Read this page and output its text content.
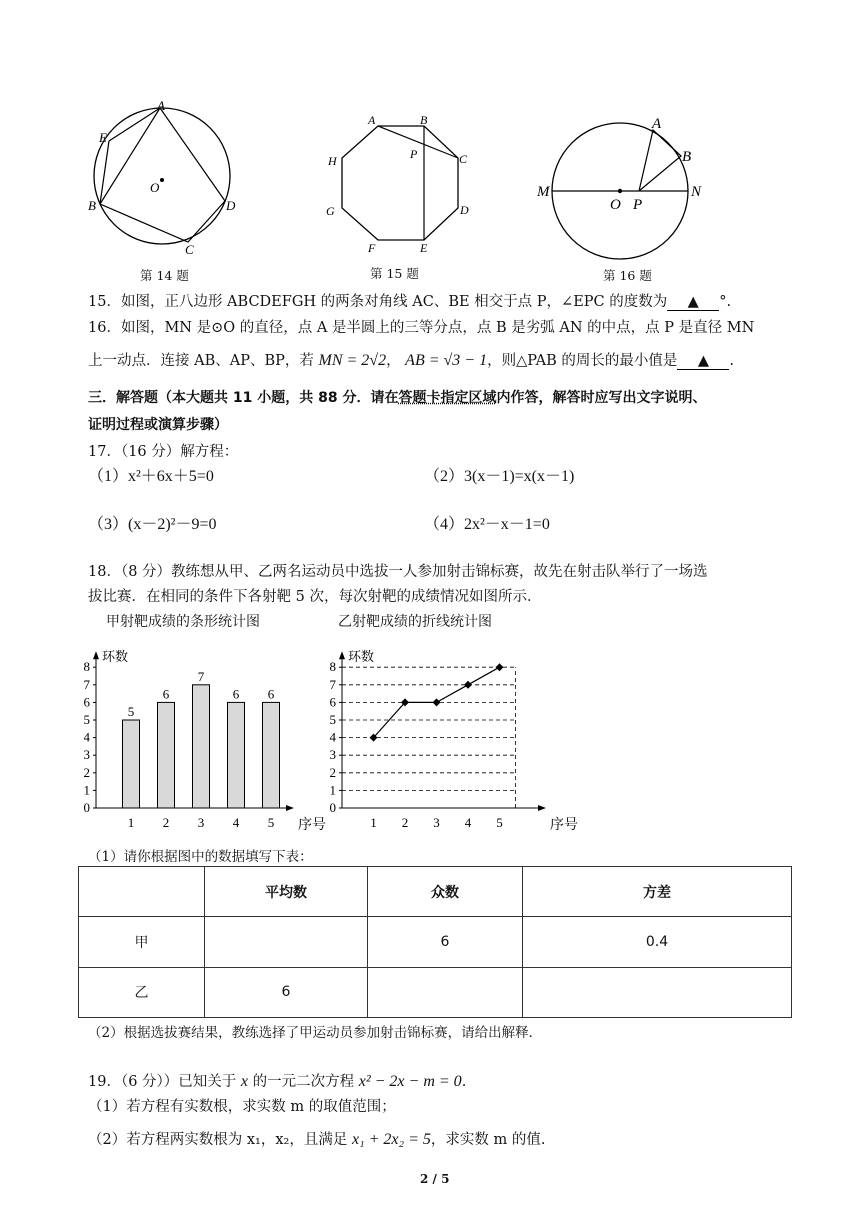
A
E
O
B	D
C
第 14 题
A	B
P	C
H
G	D
F	E
第 15 题
A
B
M
O P
N
第 16 题
15．如图，正八边形 ABCDEFGH 的两条对角线 AC、BE 相交于点 P，∠EPC 的度数为 ▲ °.
16．如图，MN 是⊙O 的直径，点 A 是半圆上的三等分点，点 B 是劣弧 AN 的中点，点 P 是直径 MN
上一动点．连接 AB、AP、BP，若 MN = 2√2， AB = √3 − 1，则△PAB 的周长的最小值是 ▲ .
三．解答题（本大题共 11 小题，共 88 分．请在答题卡指定区域内作答，解答时应写出文字说明、
证明过程或演算步骤）
17．（16 分）解方程：
（1）x²＋6x＋5=0	（2）3(x－1)=x(x－1)
（3）(x－2)²－9=0	（4）2x²－x－1=0
18．（8 分）教练想从甲、乙两名运动员中选拔一人参加射击锦标赛，故先在射击队举行了一场选
拔比赛．在相同的条件下各射靶 5 次，每次射靶的成绩情况如图所示．
甲射靶成绩的条形统计图	乙射靶成绩的折线统计图
0
1
2
3
4
5
6
7
8
1 2 3 4 5
环数
序号
5
6
7
6 6
0
1
2
3
4
5
6
7
8
1 2 3 4 5
环数
序号
（1）请你根据图中的数据填写下表：
	平均数	众数	方差
甲		6	0.4
乙	6		
（2）根据选拔赛结果，教练选择了甲运动员参加射击锦标赛，请给出解释．
19．（6 分））已知关于 x 的一元二次方程 x² − 2x − m = 0.
（1）若方程有实数根，求实数 m 的取值范围；
（2）若方程两实数根为 x₁，x₂，且满足 x₁ + 2x₂ = 5，求实数 m 的值.
2 / 5
